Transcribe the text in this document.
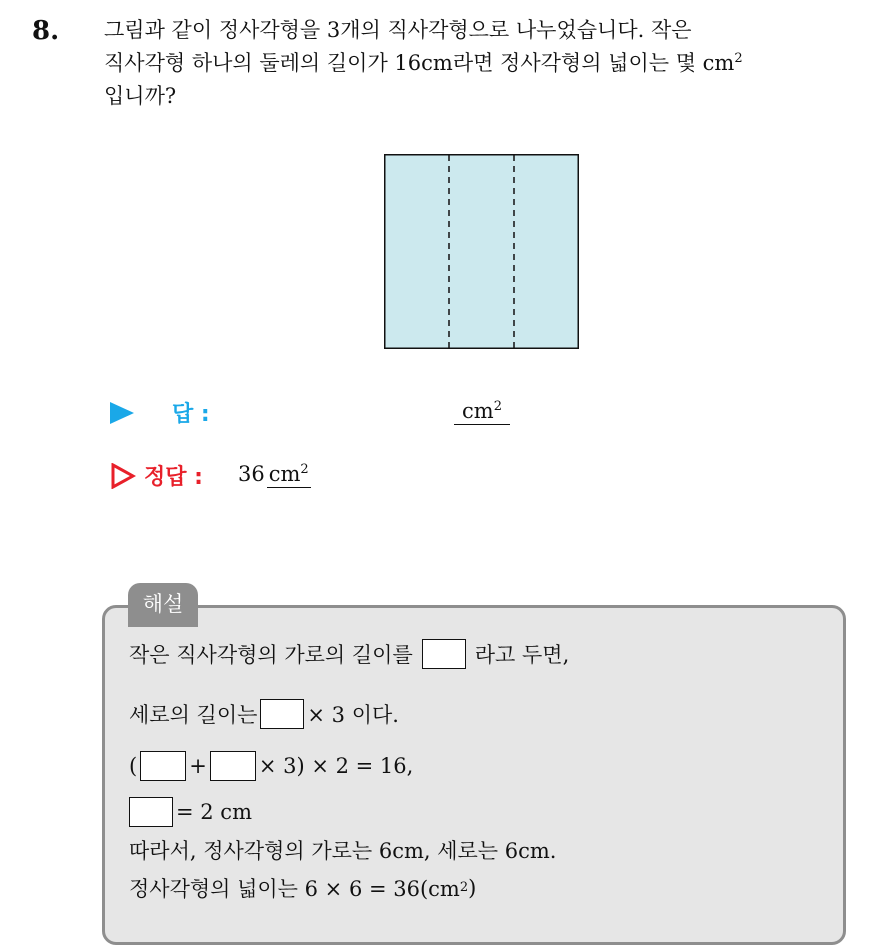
8. 그림과 같이 정사각형을 3개의 직사각형으로 나누었습니다. 작은
직사각형 하나의 둘레의 길이가 16cm라면 정사각형의 넓이는 몇 $cm^2$
입니까?
답 :	$cm^2$
정답 : 36 $cm^2$
해설
작은 직사각형의 가로의 길이를	라고 두면,
세로의 길이는 × 3 이다.
( + × 3) × 2 = 16,
= 2 cm
따라서, 정사각형의 가로는 6cm, 세로는 6cm.
정사각형의 넓이는 6 × 6 = 36(cm 2 )
